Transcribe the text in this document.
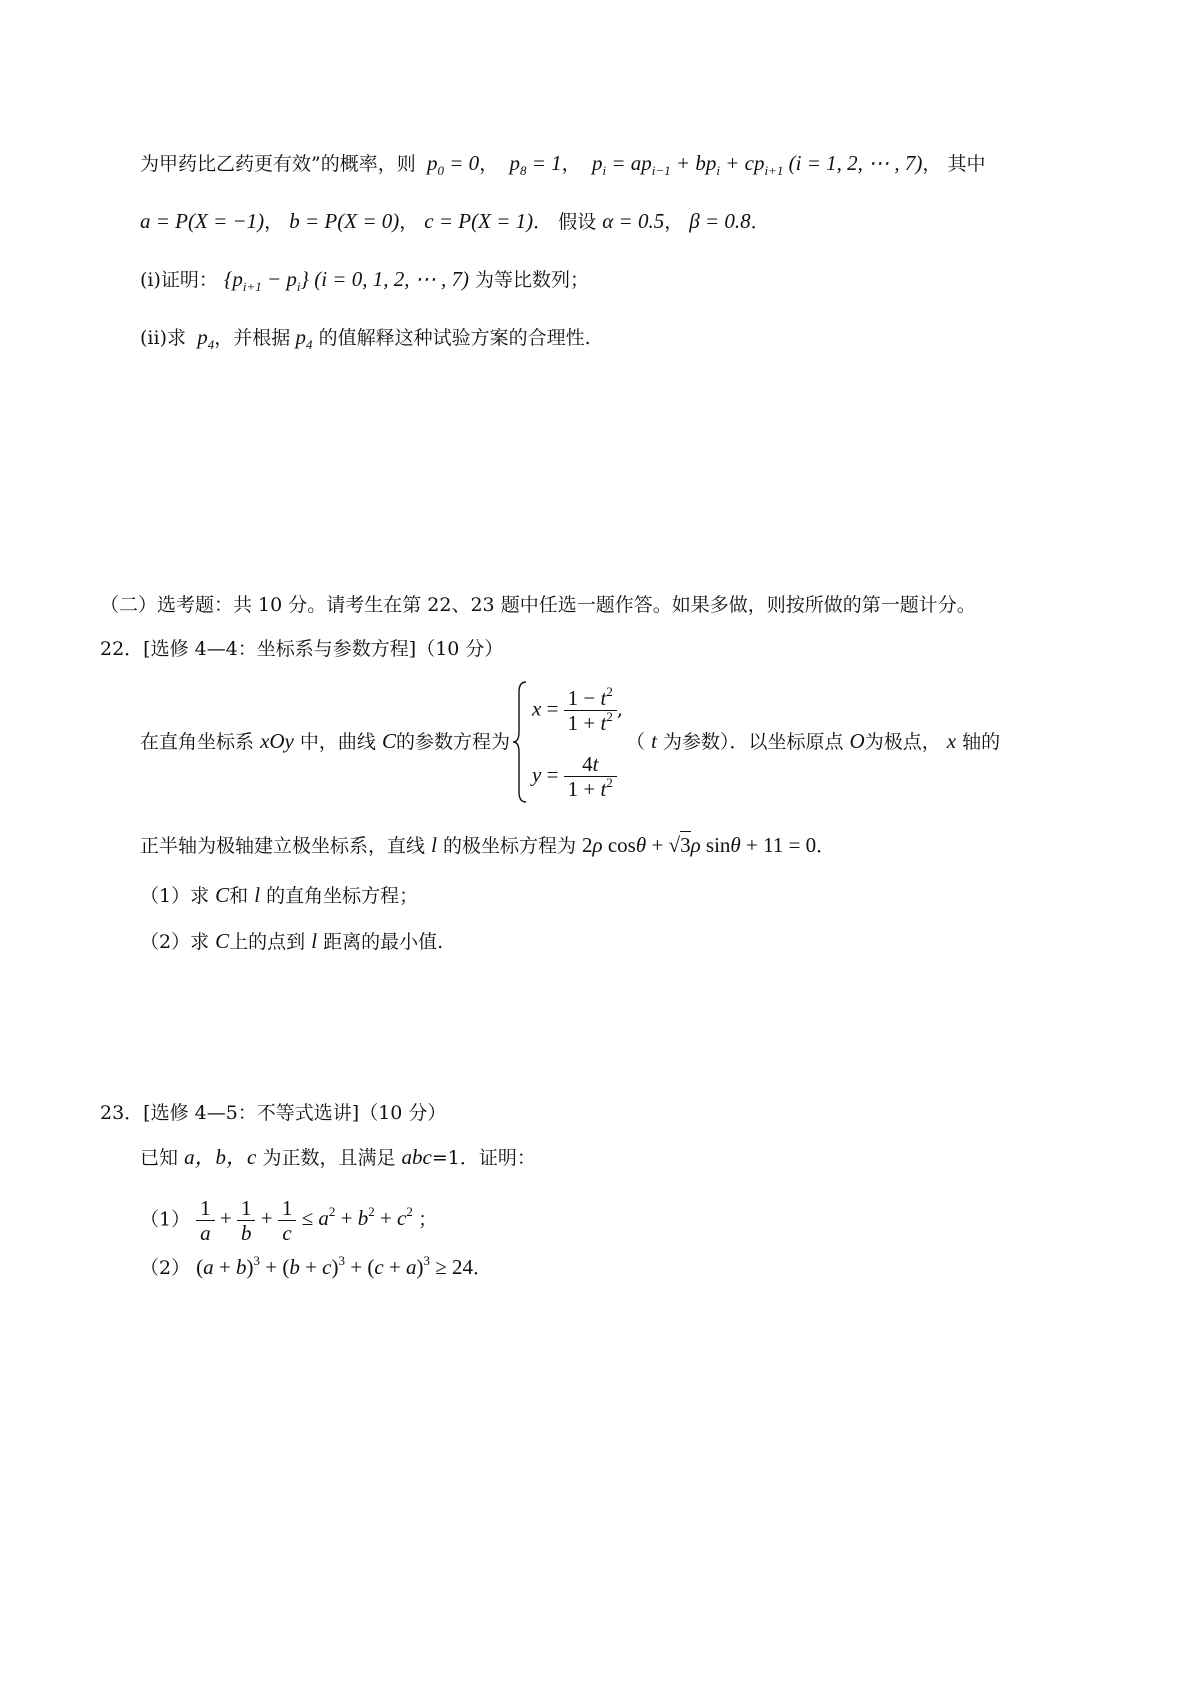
为甲药比乙药更有效”的概率，则  $p_0 = 0$，  $p_8 = 1$，  $p_i = ap_{i-1} + bp_i + cp_{i+1}$ (i = 1, 2, ⋯ , 7)， 其中
a = P(X = −1)， b = P(X = 0)， c = P(X = 1)． 假设 α = 0.5， β = 0.8．
(i)证明： $\{p_{i+1} - p_i\} (i = 0$, 1, 2, ⋯ , 7) 为等比数列；
(ii)求  $p_4$，并根据 $p_4$ 的值解释这种试验方案的合理性.
（二）选考题：共 10 分。请考生在第 22、23 题中任选一题作答。如果多做，则按所做的第一题计分。
22．[选修 4—4：坐标系与参数方程]（10 分）
在直角坐标系 xOy 中，曲线 C的参数方程为
$x = \frac{1 - t^2}{1 + t^2}$ ,
$y = \frac{4t}{1 + t^2}$
（ t 为参数）．以坐标原点 O为极点， x 轴的
正半轴为极轴建立极坐标系，直线 l 的极坐标方程为 2ρ cosθ + √3ρ sinθ + 11 = 0．
（1）求 C和 l 的直角坐标方程；
（2）求 C上的点到 l 距离的最小值.
23．[选修 4—5：不等式选讲]（10 分）
已知 a，b，c 为正数，且满足 abc=1．证明：
$(1) \frac{1}{a} + \frac{1}{b} + \frac{1}{c} \le a^2 + b^2 + c^2$ ；
（2） $(a + b)^3 + (b + c)^3 + (c + a)^3 \ge 24$．
